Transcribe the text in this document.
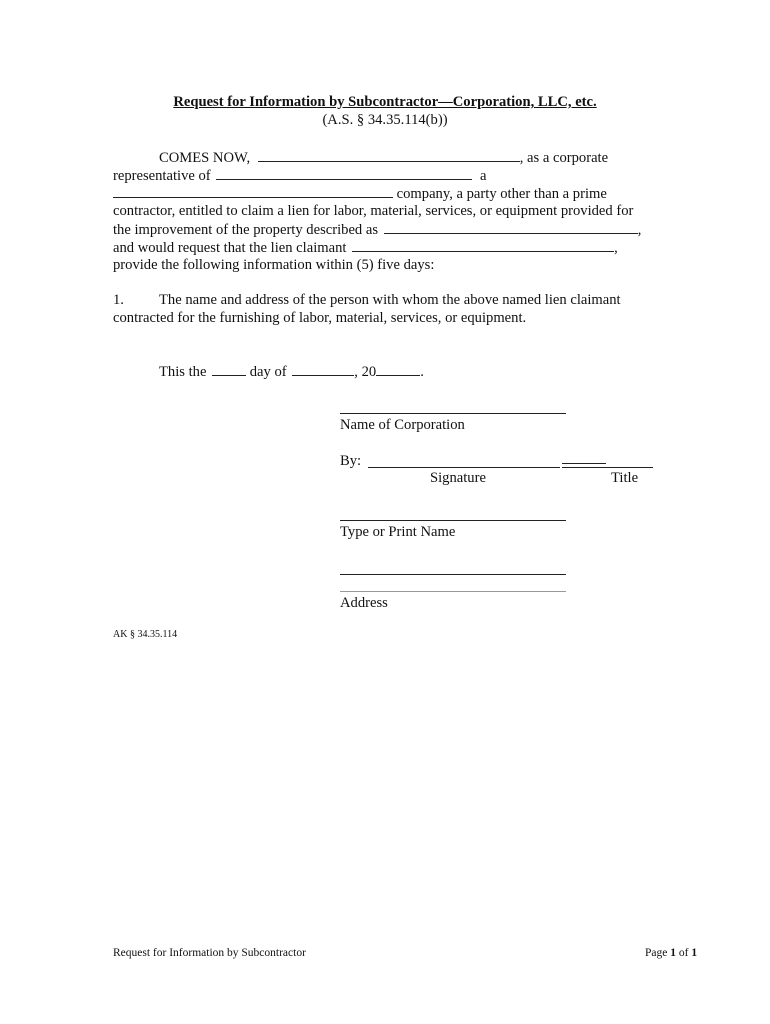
Request for Information by Subcontractor—Corporation, LLC, etc.
(A.S. § 34.35.114(b))
COMES NOW,	, as a corporate
representative of	a
company, a party other than a prime
contractor, entitled to claim a lien for labor, material, services, or equipment provided for
the improvement of the property described as	,
and would request that the lien claimant	,
provide the following information within (5) five days:
1. The name and address of the person with whom the above named lien claimant
contracted for the furnishing of labor, material, services, or equipment.
This the	day of	, 20	.
Name of Corporation
By:
Signature	Title
Type or Print Name
Address
AK § 34.35.114
Request for Information by Subcontractor	Page 1 of 1
